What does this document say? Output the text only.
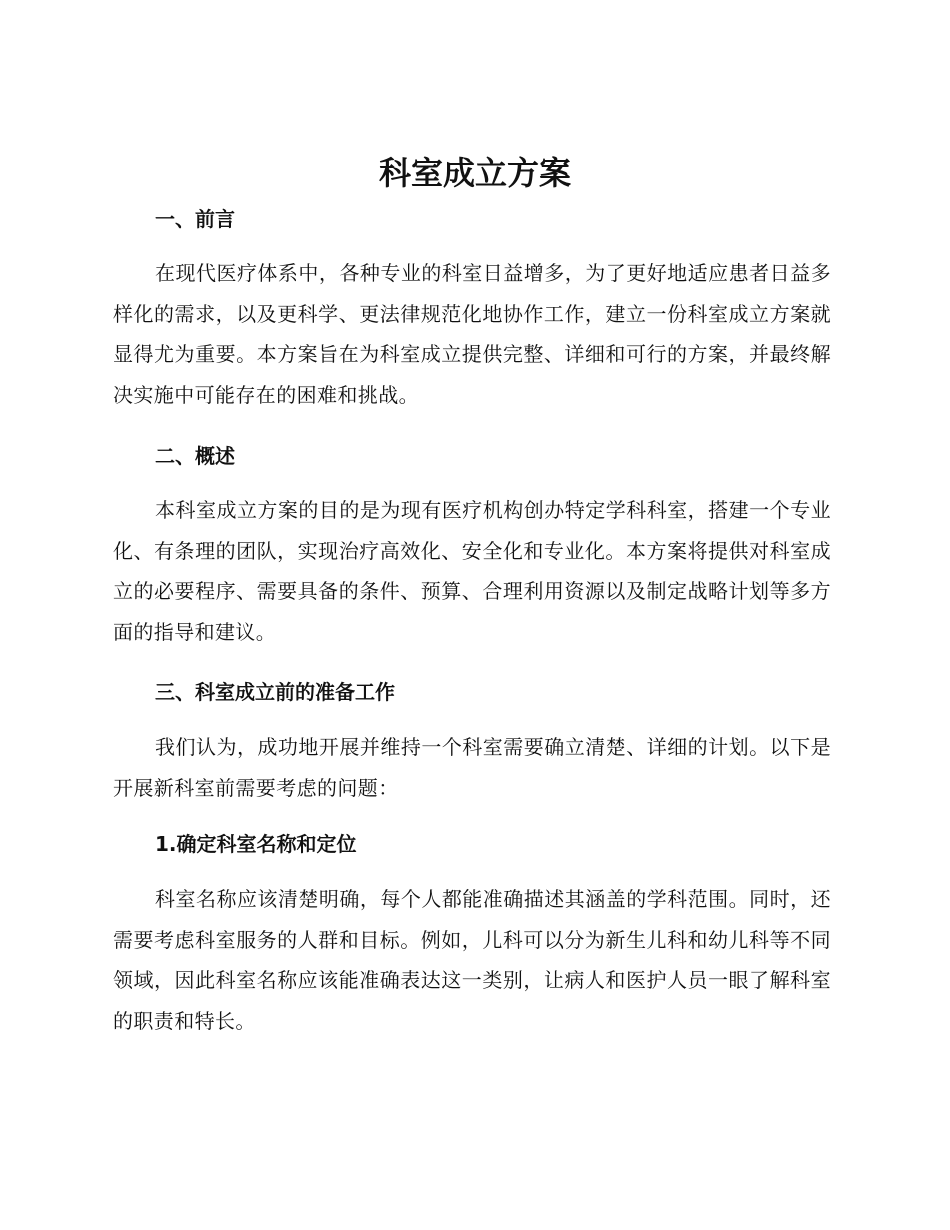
科室成立方案
一、前言

在现代医疗体系中，各种专业的科室日益增多，为了更好地适应患者日益多样化的需求，以及更科学、更法律规范化地协作工作，建立一份科室成立方案就显得尤为重要。本方案旨在为科室成立提供完整、详细和可行的方案，并最终解决实施中可能存在的困难和挑战。

二、概述

本科室成立方案的目的是为现有医疗机构创办特定学科科室，搭建一个专业化、有条理的团队，实现治疗高效化、安全化和专业化。本方案将提供对科室成立的必要程序、需要具备的条件、预算、合理利用资源以及制定战略计划等多方面的指导和建议。

三、科室成立前的准备工作

我们认为，成功地开展并维持一个科室需要确立清楚、详细的计划。以下是开展新科室前需要考虑的问题：

1.确定科室名称和定位

科室名称应该清楚明确，每个人都能准确描述其涵盖的学科范围。同时，还需要考虑科室服务的人群和目标。例如，儿科可以分为新生儿科和幼儿科等不同领域，因此科室名称应该能准确表达这一类别，让病人和医护人员一眼了解科室的职责和特长。
